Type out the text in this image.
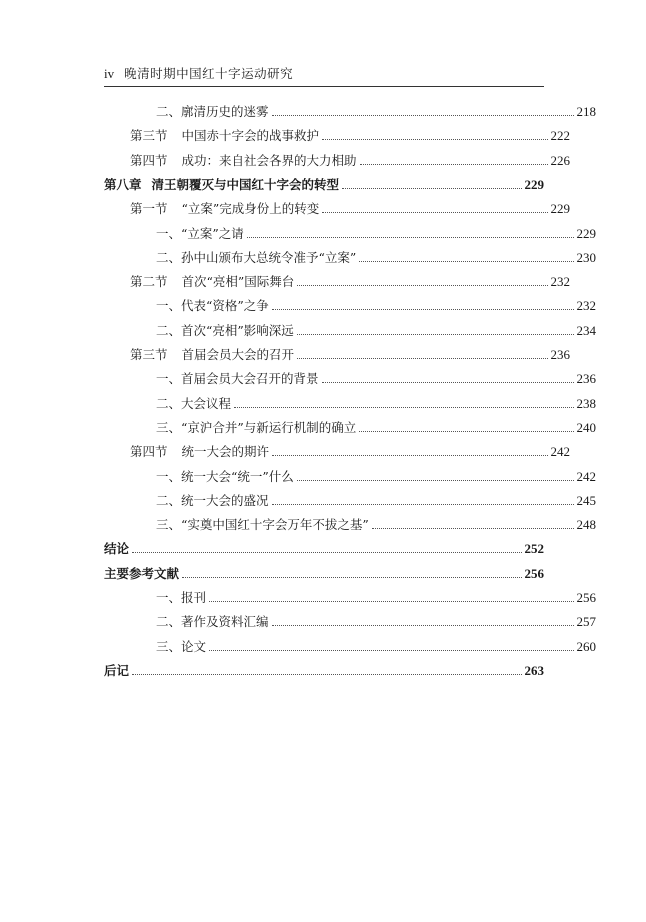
iv 晚清时期中国红十字运动研究
二、廓清历史的迷雾	218
第三节 中国赤十字会的战事救护	222
第四节 成功：来自社会各界的大力相助	226
第八章 清王朝覆灭与中国红十字会的转型	229
第一节 “立案”完成身份上的转变	229
一、“立案”之请	229
二、孙中山颁布大总统令准予“立案”	230
第二节 首次“亮相”国际舞台	232
一、代表“资格”之争	232
二、首次“亮相”影响深远	234
第三节 首届会员大会的召开	236
一、首届会员大会召开的背景	236
二、大会议程	238
三、“京沪合并”与新运行机制的确立	240
第四节 统一大会的期许	242
一、统一大会“统一”什么	242
二、统一大会的盛况	245
三、“实奠中国红十字会万年不拔之基”	248
结论	252
主要参考文献	256
一、报刊	256
二、著作及资料汇编	257
三、论文	260
后记	263
